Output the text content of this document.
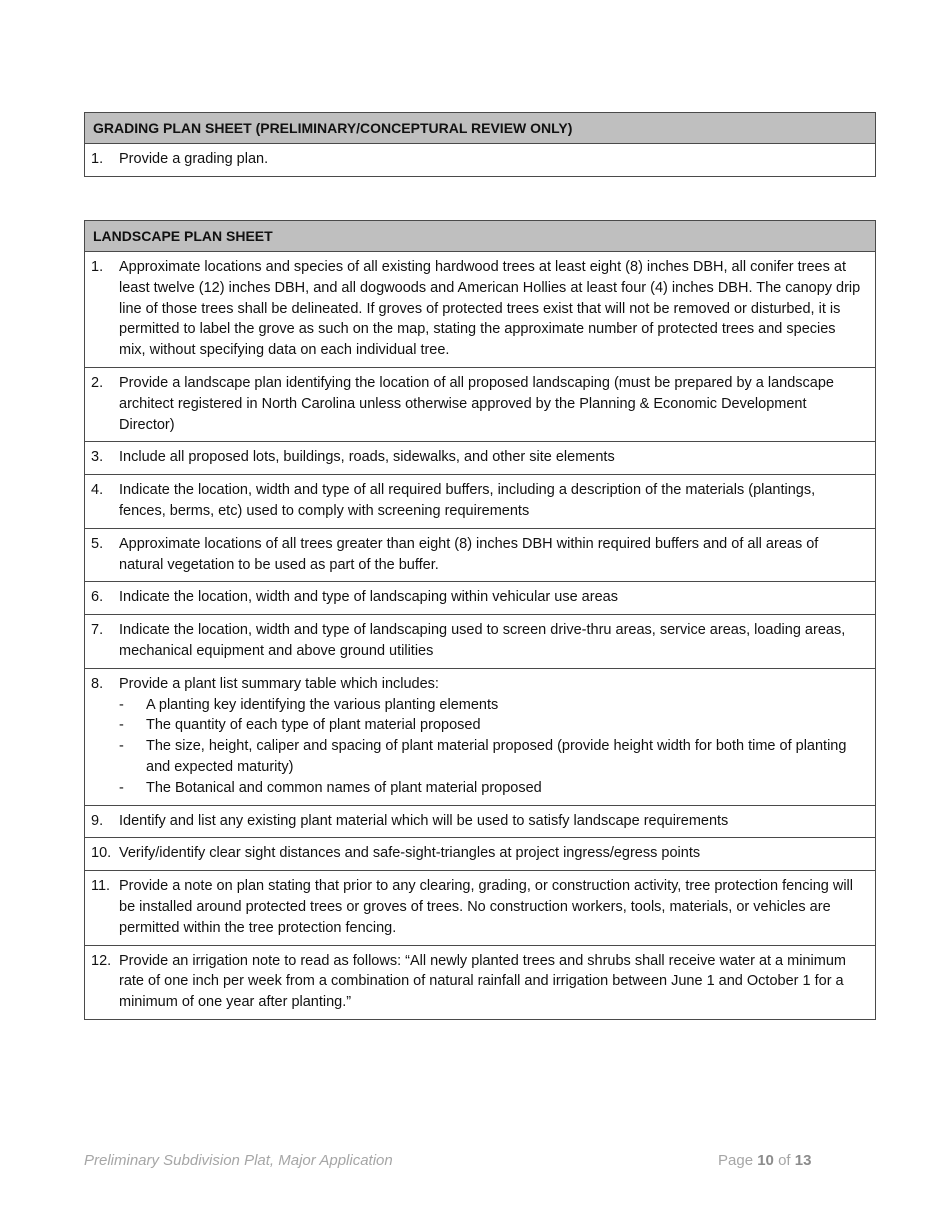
GRADING PLAN SHEET (PRELIMINARY/CONCEPTURAL REVIEW ONLY)
1.	Provide a grading plan.
LANDSCAPE PLAN SHEET
1.	Approximate locations and species of all existing hardwood trees at least eight (8) inches DBH, all conifer trees at least twelve (12) inches DBH, and all dogwoods and American Hollies at least four (4) inches DBH. The canopy drip line of those trees shall be delineated. If groves of protected trees exist that will not be removed or disturbed, it is permitted to label the grove as such on the map, stating the approximate number of protected trees and species mix, without specifying data on each individual tree.
2.	Provide a landscape plan identifying the location of all proposed landscaping (must be prepared by a landscape architect registered in North Carolina unless otherwise approved by the Planning & Economic Development Director)
3.	Include all proposed lots, buildings, roads, sidewalks, and other site elements
4.	Indicate the location, width and type of all required buffers, including a description of the materials (plantings, fences, berms, etc) used to comply with screening requirements
5.	Approximate locations of all trees greater than eight (8) inches DBH within required buffers and of all areas of natural vegetation to be used as part of the buffer.
6.	Indicate the location, width and type of landscaping within vehicular use areas
7.	Indicate the location, width and type of landscaping used to screen drive-thru areas, service areas, loading areas, mechanical equipment and above ground utilities
8.	Provide a plant list summary table which includes:
-	A planting key identifying the various planting elements
-	The quantity of each type of plant material proposed
-	The size, height, caliper and spacing of plant material proposed (provide height width for both time of planting and expected maturity)
-	The Botanical and common names of plant material proposed
9.	Identify and list any existing plant material which will be used to satisfy landscape requirements
10. Verify/identify clear sight distances and safe-sight-triangles at project ingress/egress points
11. Provide a note on plan stating that prior to any clearing, grading, or construction activity, tree protection fencing will be installed around protected trees or groves of trees. No construction workers, tools, materials, or vehicles are permitted within the tree protection fencing.
12. Provide an irrigation note to read as follows: “All newly planted trees and shrubs shall receive water at a minimum rate of one inch per week from a combination of natural rainfall and irrigation between June 1 and October 1 for a minimum of one year after planting.”
Preliminary Subdivision Plat, Major Application	Page 10 of 13
